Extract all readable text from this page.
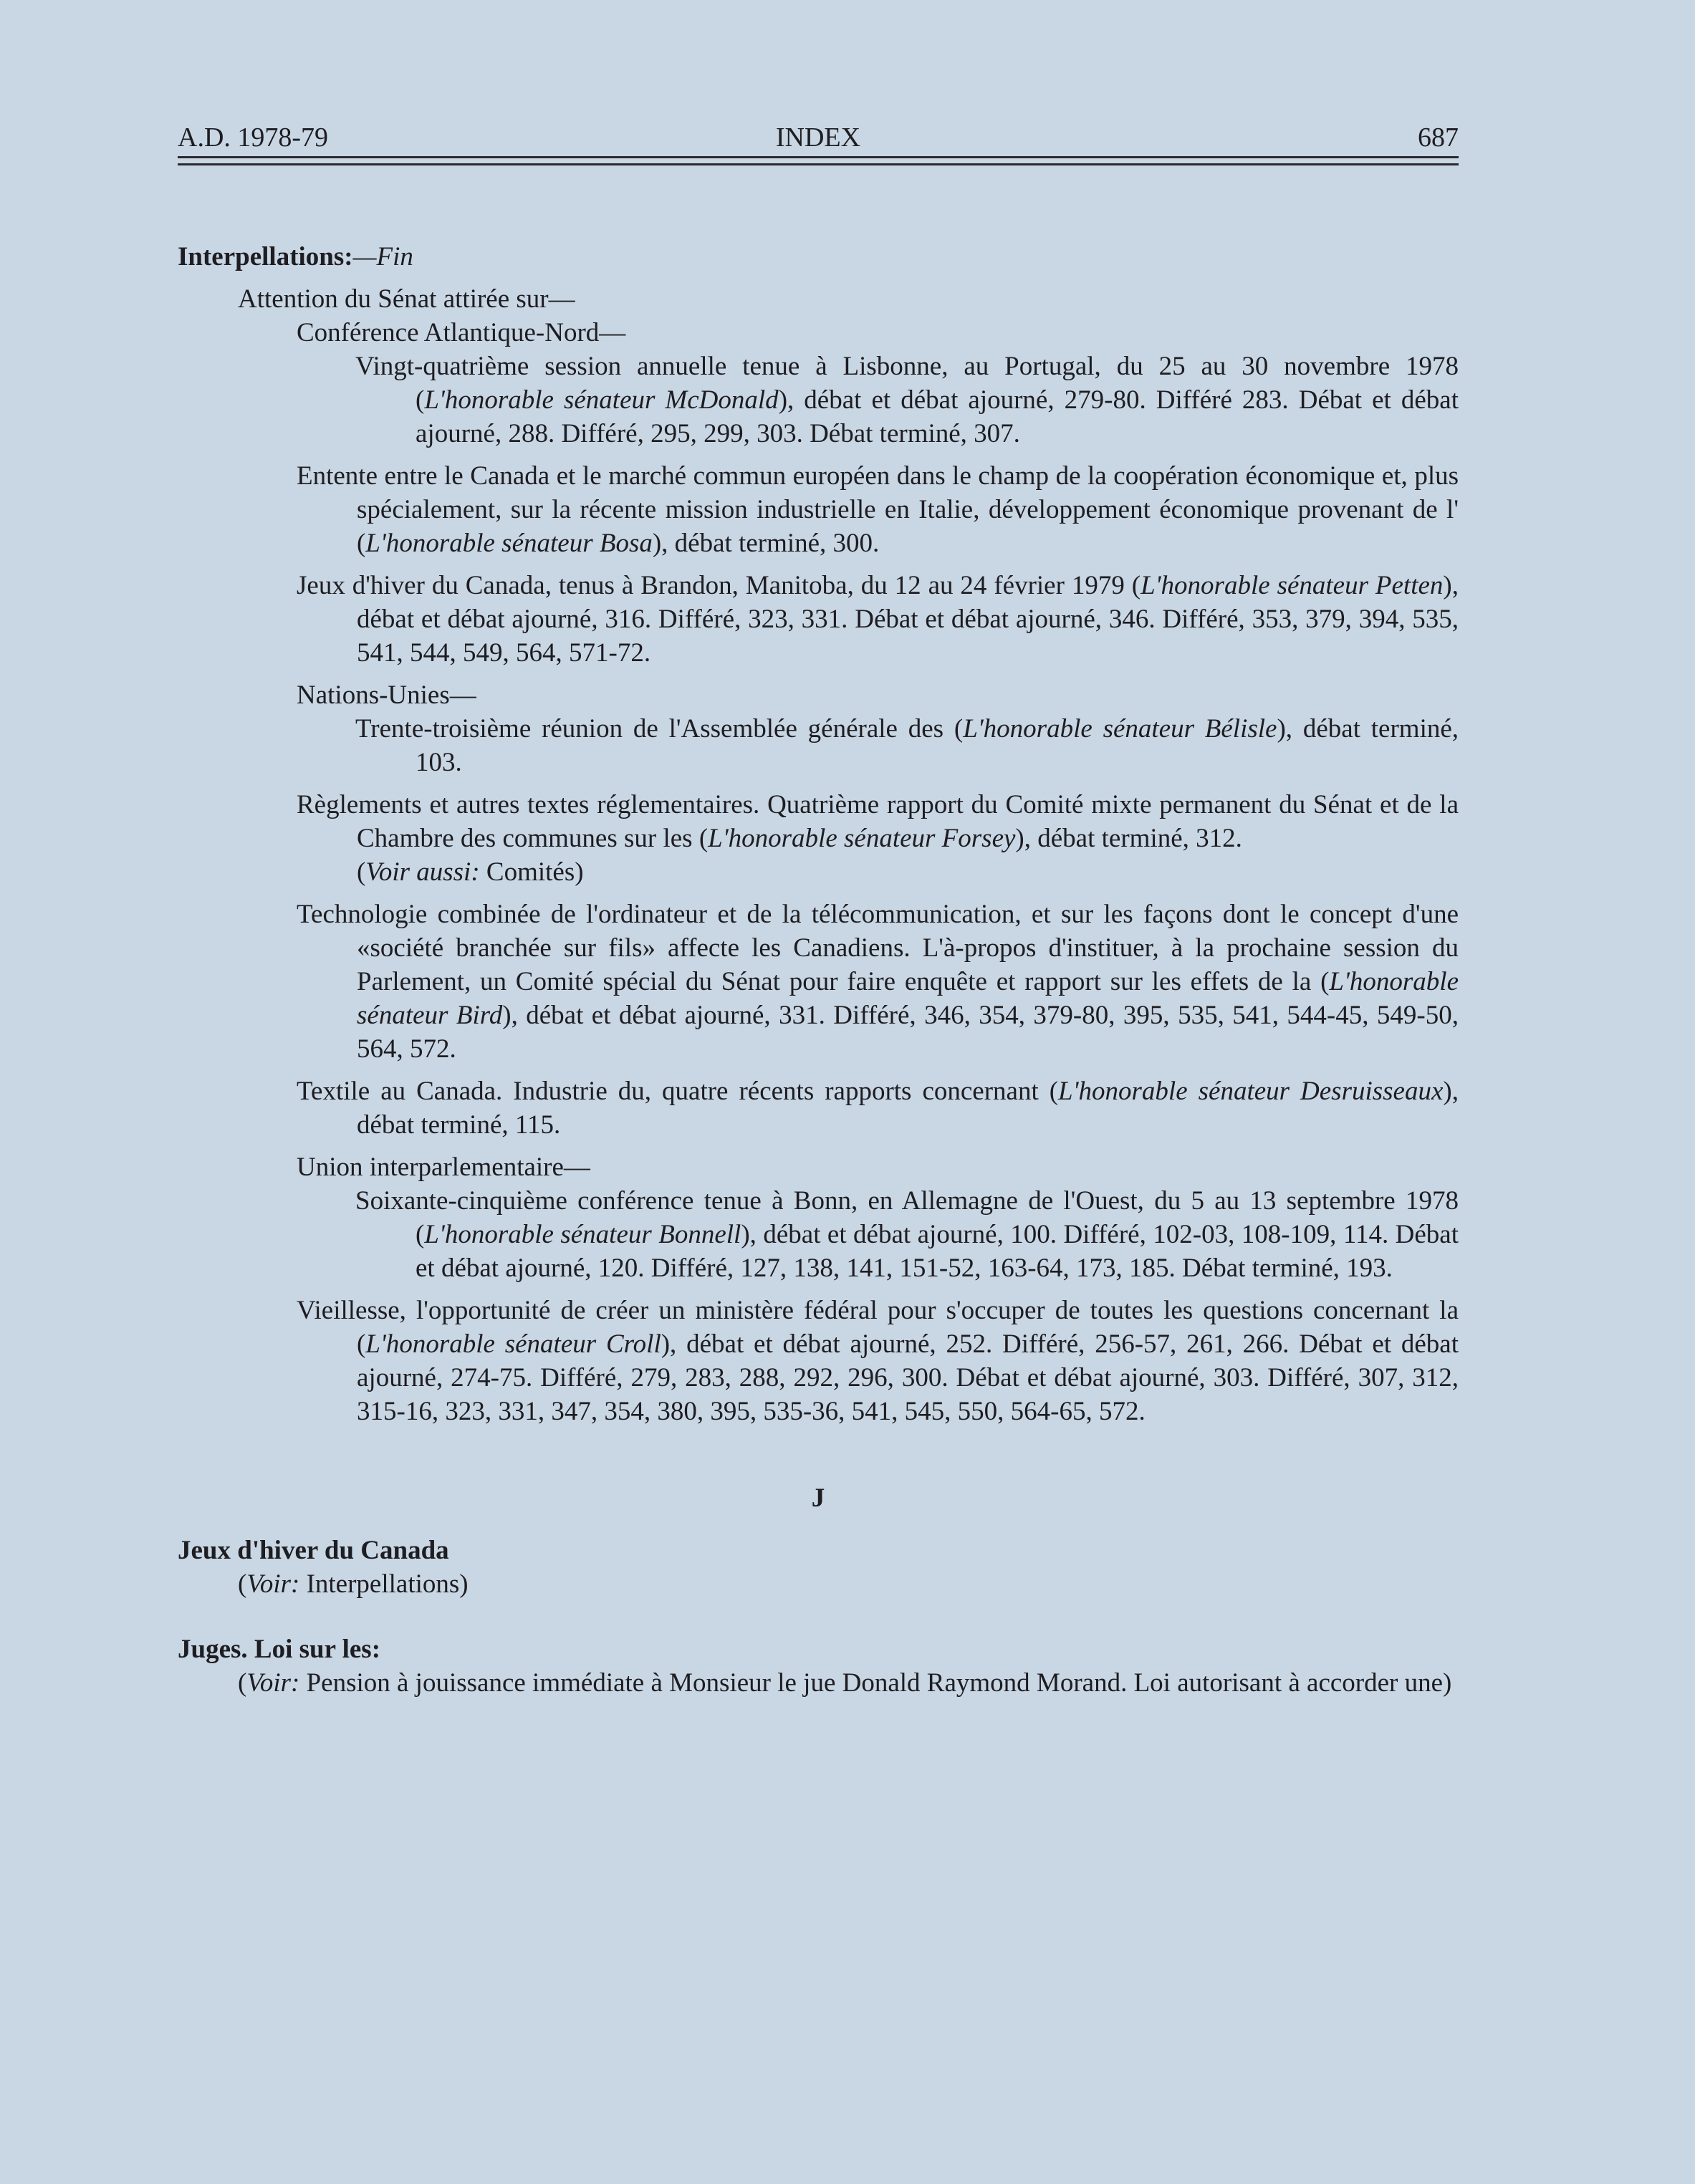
A.D. 1978-79	INDEX	687
Interpellations:—Fin
Attention du Sénat attirée sur—
Conférence Atlantique-Nord—
Vingt-quatrième session annuelle tenue à Lisbonne, au Portugal, du 25 au 30 novembre 1978 (L'honorable sénateur McDonald), débat et débat ajourné, 279-80. Différé 283. Débat et débat ajourné, 288. Différé, 295, 299, 303. Débat terminé, 307.
Entente entre le Canada et le marché commun européen dans le champ de la coopération économique et, plus spécialement, sur la récente mission industrielle en Italie, développement économique provenant de l' (L'honorable sénateur Bosa), débat terminé, 300.
Jeux d'hiver du Canada, tenus à Brandon, Manitoba, du 12 au 24 février 1979 (L'honorable sénateur Petten), débat et débat ajourné, 316. Différé, 323, 331. Débat et débat ajourné, 346. Différé, 353, 379, 394, 535, 541, 544, 549, 564, 571-72.
Nations-Unies—
Trente-troisième réunion de l'Assemblée générale des (L'honorable sénateur Bélisle), débat terminé, 103.
Règlements et autres textes réglementaires. Quatrième rapport du Comité mixte permanent du Sénat et de la Chambre des communes sur les (L'honorable sénateur Forsey), débat terminé, 312.
(Voir aussi: Comités)
Technologie combinée de l'ordinateur et de la télécommunication, et sur les façons dont le concept d'une «société branchée sur fils» affecte les Canadiens. L'à-propos d'instituer, à la prochaine session du Parlement, un Comité spécial du Sénat pour faire enquête et rapport sur les effets de la (L'honorable sénateur Bird), débat et débat ajourné, 331. Différé, 346, 354, 379-80, 395, 535, 541, 544-45, 549-50, 564, 572.
Textile au Canada. Industrie du, quatre récents rapports concernant (L'honorable sénateur Desruisseaux), débat terminé, 115.
Union interparlementaire—
Soixante-cinquième conférence tenue à Bonn, en Allemagne de l'Ouest, du 5 au 13 septembre 1978 (L'honorable sénateur Bonnell), débat et débat ajourné, 100. Différé, 102-03, 108-109, 114. Débat et débat ajourné, 120. Différé, 127, 138, 141, 151-52, 163-64, 173, 185. Débat terminé, 193.
Vieillesse, l'opportunité de créer un ministère fédéral pour s'occuper de toutes les questions concernant la (L'honorable sénateur Croll), débat et débat ajourné, 252. Différé, 256-57, 261, 266. Débat et débat ajourné, 274-75. Différé, 279, 283, 288, 292, 296, 300. Débat et débat ajourné, 303. Différé, 307, 312, 315-16, 323, 331, 347, 354, 380, 395, 535-36, 541, 545, 550, 564-65, 572.
J
Jeux d'hiver du Canada
(Voir: Interpellations)
Juges. Loi sur les:
(Voir: Pension à jouissance immédiate à Monsieur le jue Donald Raymond Morand. Loi autorisant à accorder une)
